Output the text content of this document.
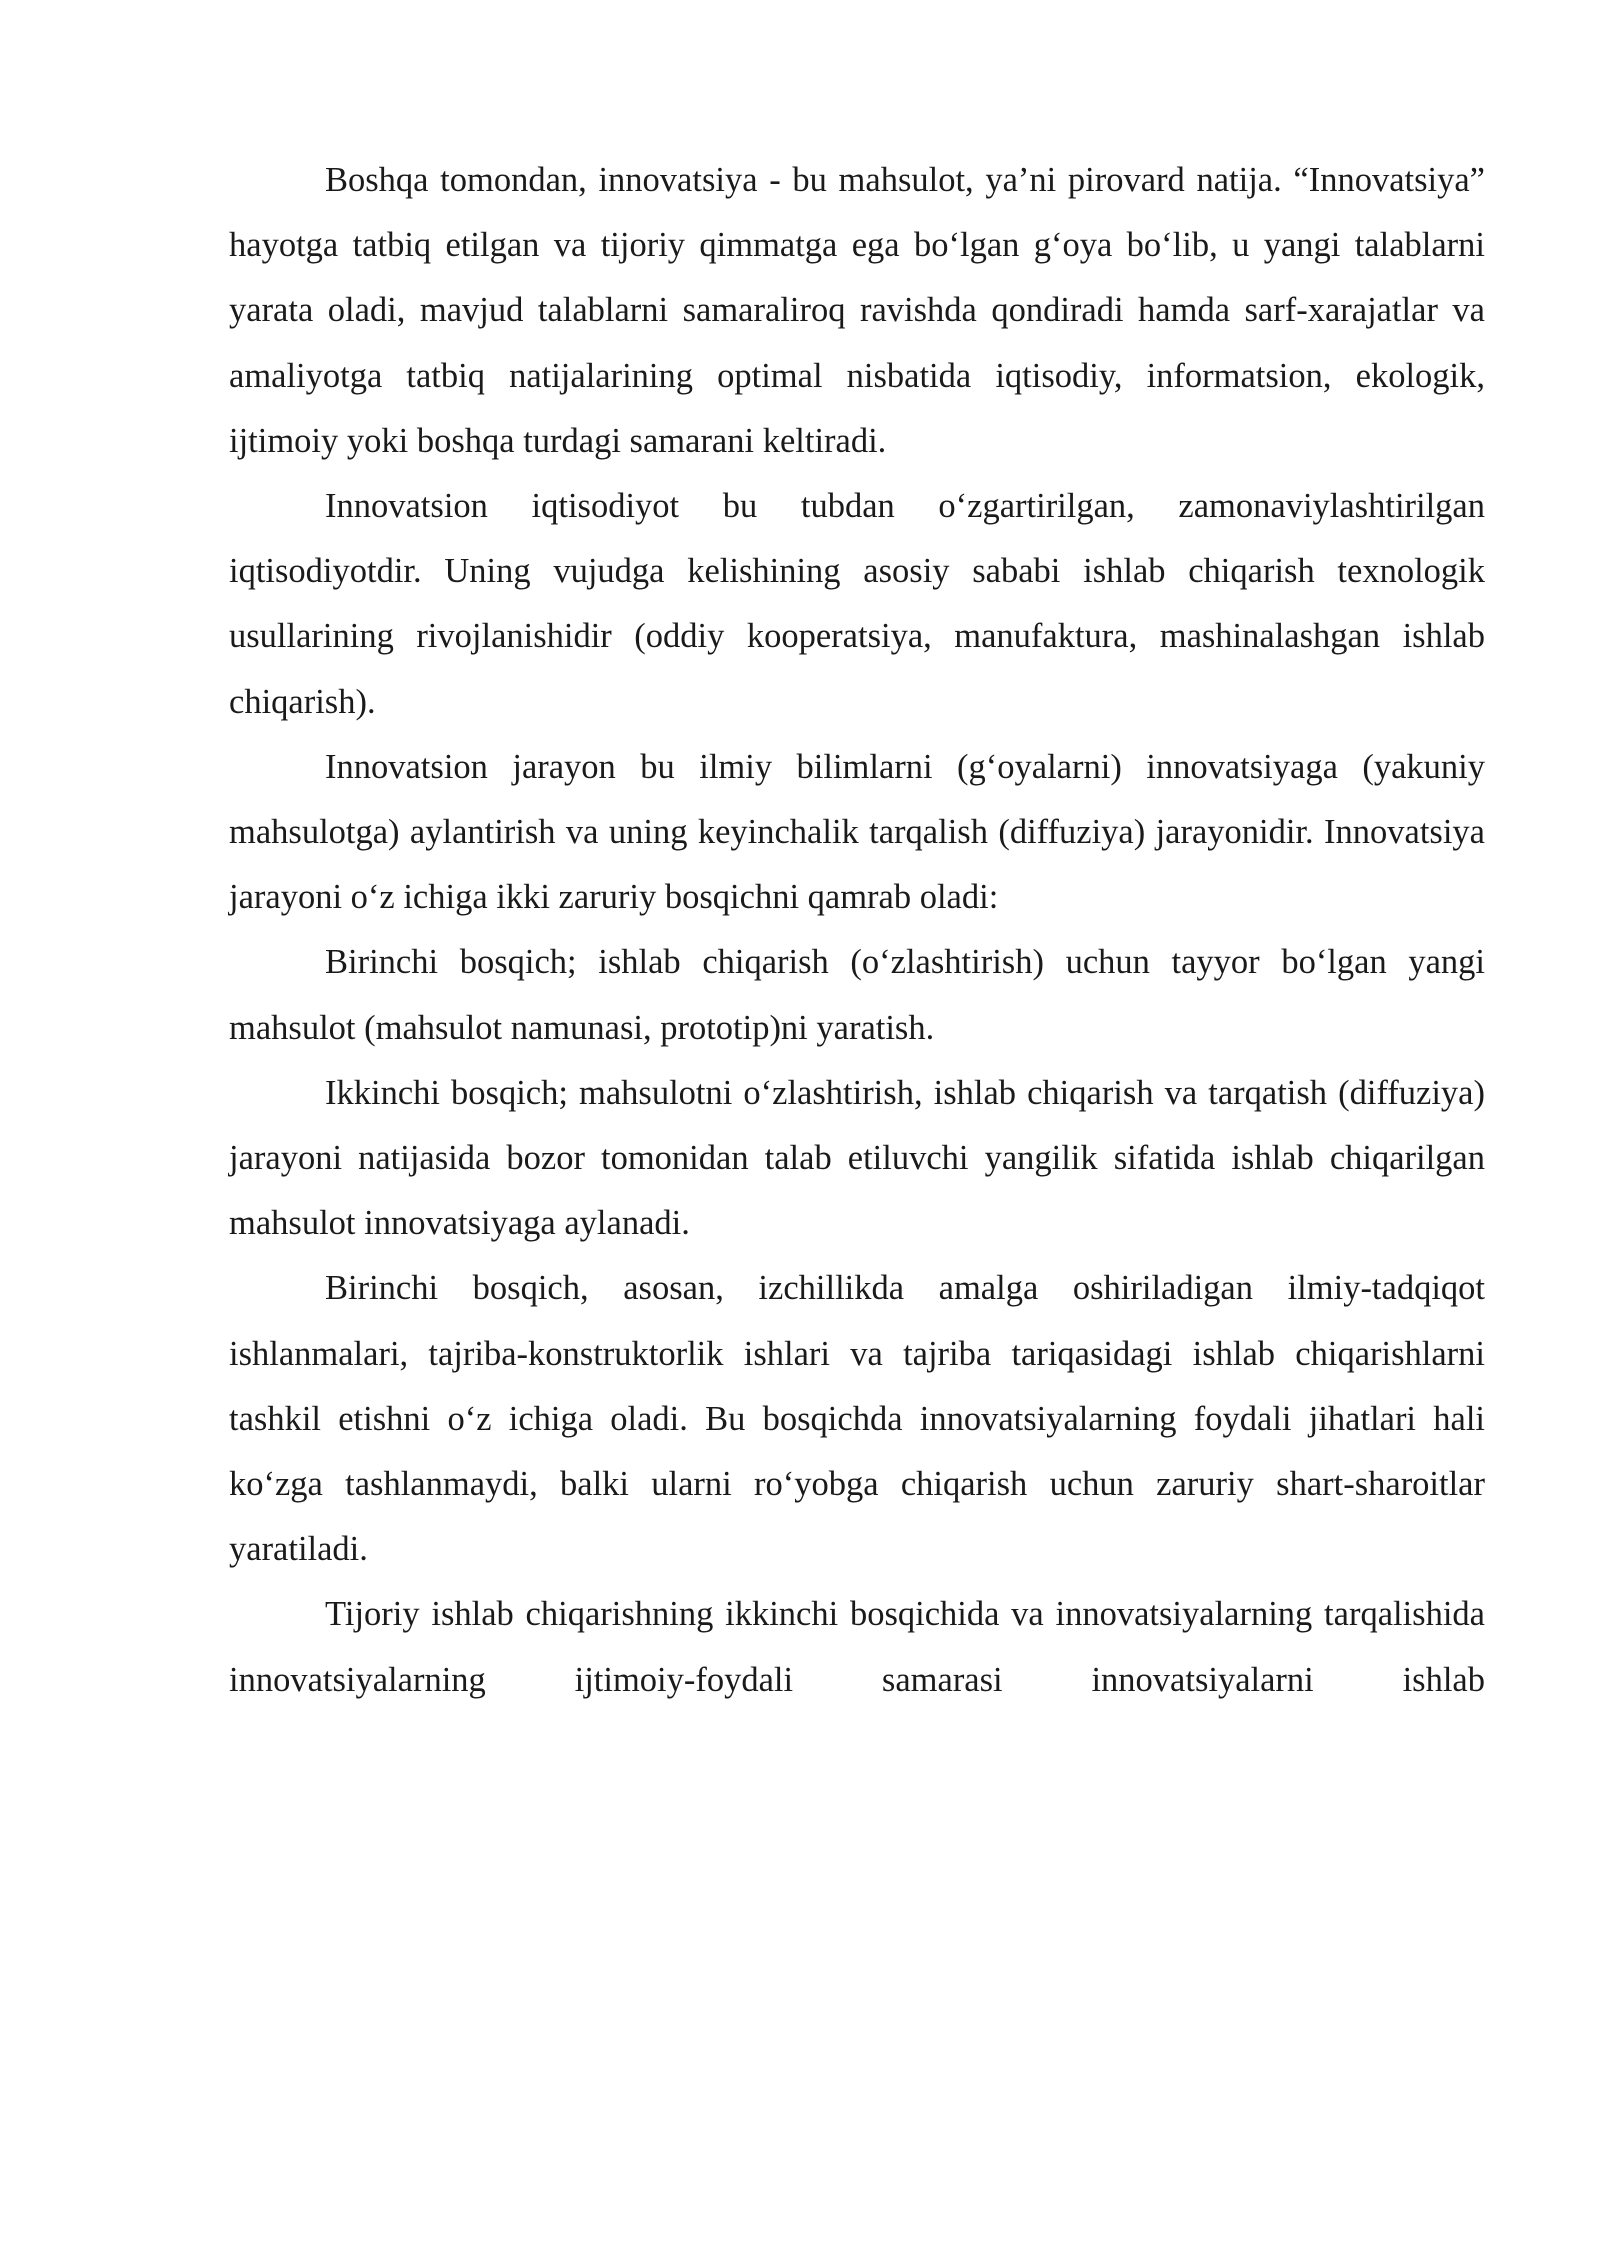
Boshqa tomondan, innovatsiya - bu mahsulot, ya’ni pirovard natija. “Innovatsiya” hayotga tatbiq etilgan va tijoriy qimmatga ega bo‘lgan g‘oya bo‘lib, u yangi talablarni yarata oladi, mavjud talablarni samaraliroq ravishda qondiradi hamda sarf-xarajatlar va amaliyotga tatbiq natijalarining optimal nisbatida iqtisodiy, informatsion, ekologik, ijtimoiy yoki boshqa turdagi samarani keltiradi.

Innovatsion iqtisodiyot bu tubdan o‘zgartirilgan, zamonaviylashtirilgan iqtisodiyotdir. Uning vujudga kelishining asosiy sababi ishlab chiqarish texnologik usullarining rivojlanishidir (oddiy kooperatsiya, manufaktura, mashinalashgan ishlab chiqarish).

Innovatsion jarayon bu ilmiy bilimlarni (g‘oyalarni) innovatsiyaga (yakuniy mahsulotga) aylantirish va uning keyinchalik tarqalish (diffuziya) jarayonidir. Innovatsiya jarayoni o‘z ichiga ikki zaruriy bosqichni qamrab oladi:

Birinchi bosqich; ishlab chiqarish (o‘zlashtirish) uchun tayyor bo‘lgan yangi mahsulot (mahsulot namunasi, prototip)ni yaratish.

Ikkinchi bosqich; mahsulotni o‘zlashtirish, ishlab chiqarish va tarqatish (diffuziya) jarayoni natijasida bozor tomonidan talab etiluvchi yangilik sifatida ishlab chiqarilgan mahsulot innovatsiyaga aylanadi.

Birinchi bosqich, asosan, izchillikda amalga oshiriladigan ilmiy-tadqiqot ishlanmalari, tajriba-konstruktorlik ishlari va tajriba tariqasidagi ishlab chiqarishlarni tashkil etishni o‘z ichiga oladi. Bu bosqichda innovatsiyalarning foydali jihatlari hali ko‘zga tashlanmaydi, balki ularni ro‘yobga chiqarish uchun zaruriy shart-sharoitlar yaratiladi.

Tijoriy ishlab chiqarishning ikkinchi bosqichida va innovatsiyalarning tarqalishida innovatsiyalarning ijtimoiy-foydali samarasi innovatsiyalarni ishlab
